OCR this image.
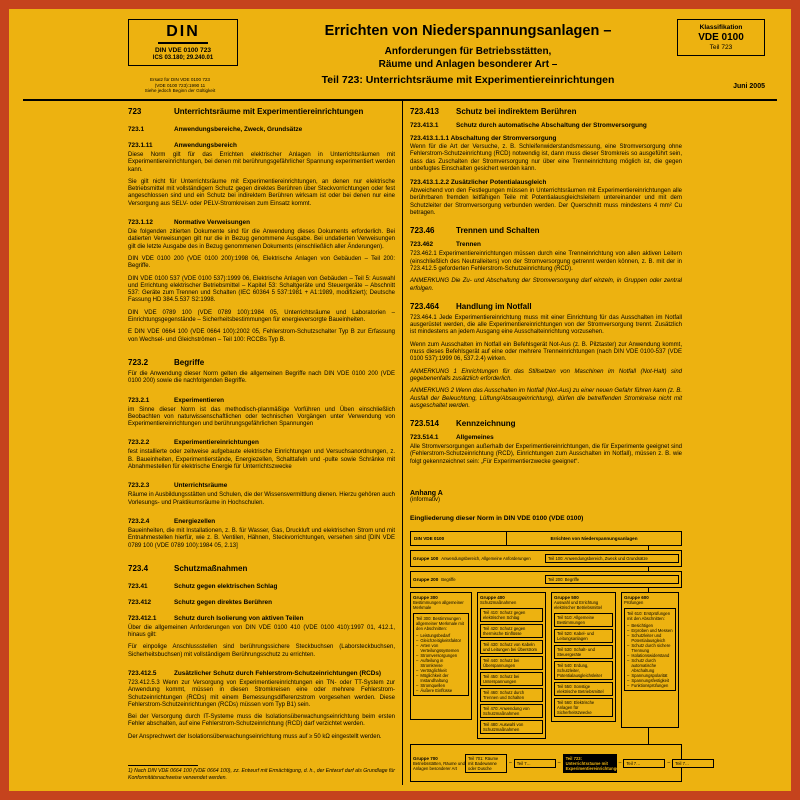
DIN
DIN VDE 0100 723
ICS 03.180; 29.240.01
Ersatz für DIN VDE 0100 723
(VDE 0100 723):1990 11
Siehe jedoch Beginn der Gültigkeit
Errichten von Niederspannungsanlagen –
Anforderungen für Betriebsstätten,
Räume und Anlagen besonderer Art –
Teil 723: Unterrichtsräume mit Experimentiereinrichtungen
Klassifikation
VDE 0100
Teil 723
Juni 2005
723	Unterrichtsräume mit Experimentiereinrichtungen
723.1	Anwendungsbereiche, Zweck, Grundsätze
723.1.11	Anwendungsbereich
Diese Norm gilt für das Errichten elektrischer Anlagen in Unterrichtsräumen mit Experimentiereinrichtungen, bei denen mit berührungsgefährlicher Spannung experimentiert werden kann.
Sie gilt nicht für Unterrichtsräume mit Experimentiereinrichtungen, an denen nur elektrische Betriebsmittel mit vollständigem Schutz gegen direktes Berühren über Steckvorrichtungen oder fest angeschlossen sind und ein Schutz bei indirektem Berühren wirksam ist oder bei denen nur eine Versorgung aus SELV- oder PELV-Stromkreisen zum Einsatz kommt.
723.1.12	Normative Verweisungen
Die folgenden zitierten Dokumente sind für die Anwendung dieses Dokuments erforderlich. Bei datierten Verweisungen gilt nur die in Bezug genommene Ausgabe. Bei undatierten Verweisungen gilt die letzte Ausgabe des in Bezug genommenen Dokuments (einschließlich aller Änderungen).
DIN VDE 0100 200 (VDE 0100 200):1998 06, Elektrische Anlagen von Gebäuden – Teil 200: Begriffe.
DIN VDE 0100 537 (VDE 0100 537):1999 06, Elektrische Anlagen von Gebäuden – Teil 5: Auswahl und Errichtung elektrischer Betriebsmittel – Kapitel 53: Schaltgeräte und Steuergeräte – Abschnitt 537: Geräte zum Trennen und Schalten (IEC 60364 5 537:1981 + A1:1989, modifiziert); Deutsche Fassung HD 384.5.537 S2:1998.
DIN VDE 0789 100 (VDE 0789 100):1984 05, Unterrichtsräume und Laboratorien – Einrichtungsgegenstände – Sicherheitsbestimmungen für energieversorgte Baueinheiten.
E DIN VDE 0664 100 (VDE 0664 100):2002 05, Fehlerstrom-Schutzschalter Typ B zur Erfassung von Wechsel- und Gleichströmen – Teil 100: RCCBs Typ B.
723.2	Begriffe
Für die Anwendung dieser Norm gelten die allgemeinen Begriffe nach DIN VDE 0100 200 (VDE 0100 200) sowie die nachfolgenden Begriffe.
723.2.1	Experimentieren
im Sinne dieser Norm ist das methodisch-planmäßige Vorführen und Üben einschließlich Beobachten von naturwissenschaftlichen oder technischen Vorgängen unter Verwendung von Experimentiereinrichtungen und berührungsgefährlichen Spannungen
723.2.2	Experimentiereinrichtungen
fest installierte oder zeitweise aufgebaute elektrische Einrichtungen und Versuchsanordnungen, z. B. Baueinheiten, Experimentierstände, Energiezellen, Schalttafeln und -pulte sowie Schränke mit Abnahmestellen für elektrische Energie für Unterrichtszwecke
723.2.3	Unterrichtsräume
Räume in Ausbildungsstätten und Schulen, die der Wissensvermittlung dienen. Hierzu gehören auch Vorlesungs- und Praktikumsräume in Hochschulen.
723.2.4	Energiezellen
Baueinheiten, die mit Installationen, z. B. für Wasser, Gas, Druckluft und elektrischen Strom und mit Entnahmestellen hierfür, wie z. B. Ventilen, Hähnen, Steckvorrichtungen, versehen sind [DIN VDE 0789 100 (VDE 0789 100):1984 05, 2.13]
723.4	Schutzmaßnahmen
723.41	Schutz gegen elektrischen Schlag
723.412	Schutz gegen direktes Berühren
723.412.1	Schutz durch Isolierung von aktiven Teilen
Über die allgemeinen Anforderungen von DIN VDE 0100 410 (VDE 0100 410):1997 01, 412.1, hinaus gilt:
Für einpolige Anschlussstellen sind berührungssichere Steckbuchsen (Laborsteckbuchsen, Sicherheitsbuchsen) mit vollständigem Berührungsschutz zu errichten.
723.412.5	Zusätzlicher Schutz durch Fehlerstrom-Schutzeinrichtungen (RCDs)
723.412.5.3 Wenn zur Versorgung von Experimentiereinrichtungen ein TN- oder TT-System zur Anwendung kommt, müssen in diesen Stromkreisen eine oder mehrere Fehlerstrom-Schutzeinrichtungen (RCDs) mit einem Bemessungsdifferenzstrom vorgesehen werden. Diese Fehlerstrom-Schutzeinrichtungen (RCDs) müssen vom Typ B1) sein.
Bei der Versorgung durch IT-Systeme muss die Isolationsüberwachungseinrichtung beim ersten Fehler abschalten, auf eine Fehlerstrom-Schutzeinrichtung (RCD) darf verzichtet werden.
Der Ansprechwert der Isolationsüberwachungseinrichtung muss auf ≥ 50 kΩ eingestellt werden.
1) Nach DIN VDE 0664 100 (VDE 0664 100), zz. Entwurf mit Ermächtigung, d. h., der Entwurf darf als Grundlage für Konformitätsnachweise verwendet werden.
723.413	Schutz bei indirektem Berühren
723.413.1	Schutz durch automatische Abschaltung der Stromversorgung
723.413.1.1.1 Abschaltung der Stromversorgung
Wenn für die Art der Versuche, z. B. Schleifenwiderstandsmessung, eine Stromversorgung ohne Fehlerstrom-Schutzeinrichtung (RCD) notwendig ist, dann muss dieser Stromkreis so ausgeführt sein, dass das Zuschalten der Stromversorgung nur über eine Trenneinrichtung möglich ist, die gegen unbefugtes Einschalten gesichert werden kann.
723.413.1.2.2 Zusätzlicher Potentialausgleich
Abweichend von den Festlegungen müssen in Unterrichtsräumen mit Experimentiereinrichtungen alle berührbaren fremden leitfähigen Teile mit Potentialausgleichsleitern untereinander und mit dem Schutzleiter der Stromversorgung verbunden werden. Der Querschnitt muss mindestens 4 mm² Cu betragen.
723.46	Trennen und Schalten
723.462	Trennen
723.462.1 Experimentiereinrichtungen müssen durch eine Trenneinrichtung von allen aktiven Leitern (einschließlich des Neutralleiters) von der Stromversorgung getrennt werden können, z. B. mit der in 723.412.5 geforderten Fehlerstrom-Schutzeinrichtung (RCD).
ANMERKUNG Die Zu- und Abschaltung der Stromversorgung darf einzeln, in Gruppen oder zentral erfolgen.
723.464	Handlung im Notfall
723.464.1 Jede Experimentiereinrichtung muss mit einer Einrichtung für das Ausschalten im Notfall ausgerüstet werden, die alle Experimentiereinrichtungen von der Stromversorgung trennt. Zusätzlich ist mindestens an jedem Ausgang eine Ausschalteinrichtung vorzusehen.
Wenn zum Ausschalten im Notfall ein Befehlsgerät Not-Aus (z. B. Pilztaster) zur Anwendung kommt, muss dieses Befehlsgerät auf eine oder mehrere Trenneinrichtungen (nach DIN VDE 0100-537 (VDE 0100 537):1999 06, 537.2.4) wirken.
ANMERKUNG 1 Einrichtungen für das Stillsetzen von Maschinen im Notfall (Not-Halt) sind gegebenenfalls zusätzlich erforderlich.
ANMERKUNG 2 Wenn das Ausschalten im Notfall (Not-Aus) zu einer neuen Gefahr führen kann (z. B. Ausfall der Beleuchtung, Lüftung/Absaugeinrichtung), dürfen die betreffenden Stromkreise nicht mit ausgeschaltet werden.
723.514	Kennzeichnung
723.514.1	Allgemeines
Alle Stromversorgungen außerhalb der Experimentiereinrichtungen, die für Experimente geeignet sind (Fehlerstrom-Schutzeinrichtung (RCD), Einrichtungen zum Ausschalten im Notfall), müssen z. B. wie folgt gekennzeichnet sein: „Für Experimentierzwecke geeignet“.
Anhang A
(informativ)
Eingliederung dieser Norm in DIN VDE 0100 (VDE 0100)
DIN VDE 0100	Errichten von Niederspannungsanlagen
Gruppe 100 Anwendungsbereich, Allgemeine Anforderungen	Teil 100: Anwendungsbereich, Zweck und Grundsätze
Gruppe 200 Begriffe	Teil 200: Begriffe
Gruppe 300
Bestimmungen allgemeiner Merkmale
Teil 300: Bestimmungen allgemeiner Merkmale mit den Abschnitten:
– Leistungsbedarf
– Gleichzeitigkeitsfaktor
– Arten von Verteilungssystemen
– Stromversorgungen
– Aufteilung in Stromkreise
– Verträglichkeit
– Möglichkeit der Instandhaltung
– Stromquellen
– Äußere Einflüsse
Gruppe 400
Schutzmaßnahmen
Teil 410: Schutz gegen elektrischen Schlag
Teil 420: Schutz gegen thermische Einflüsse
Teil 430: Schutz von Kabeln und Leitungen bei Überstrom
Teil 440: Schutz bei Überspannungen
Teil 450: Schutz bei Unterspannungen
Teil 460: Schutz durch Trennen und Schalten
Teil 470: Anwendung von Schutzmaßnahmen
Teil 480: Auswahl von Schutzmaßnahmen
Gruppe 500
Auswahl und Errichtung elektrischer Betriebsmittel
Teil 510: Allgemeine Bestimmungen
Teil 520: Kabel- und Leitungsanlagen
Teil 530: Schalt- und Steuergeräte
Teil 540: Erdung, Schutzleiter, Potentialausgleichsleiter
Teil 550: Sonstige elektrische Betriebsmittel
Teil 560: Elektrische Anlagen für Sicherheitszwecke
Gruppe 600
Prüfungen
Teil 610: Erstprüfungen mit den Abschnitten:
– Besichtigen
– Erproben und Messen
– Schutzleiter und Potentialausgleich
– Schutz durch sichere Trennung
– Isolationswiderstand
– Schutz durch automatische Abschaltung
– Spannungspolarität
– Spannungsfestigkeit
– Funktionsprüfungen
Gruppe 700
Betriebsstätten, Räume und Anlagen besonderer Art
Teil 701: Räume mit Badewanne oder Dusche
–	Teil 7…	–
Teil 723: Unterrichtsräume mit Experimentiereinrichtungen
–	Teil 7…	–	Teil 7…
